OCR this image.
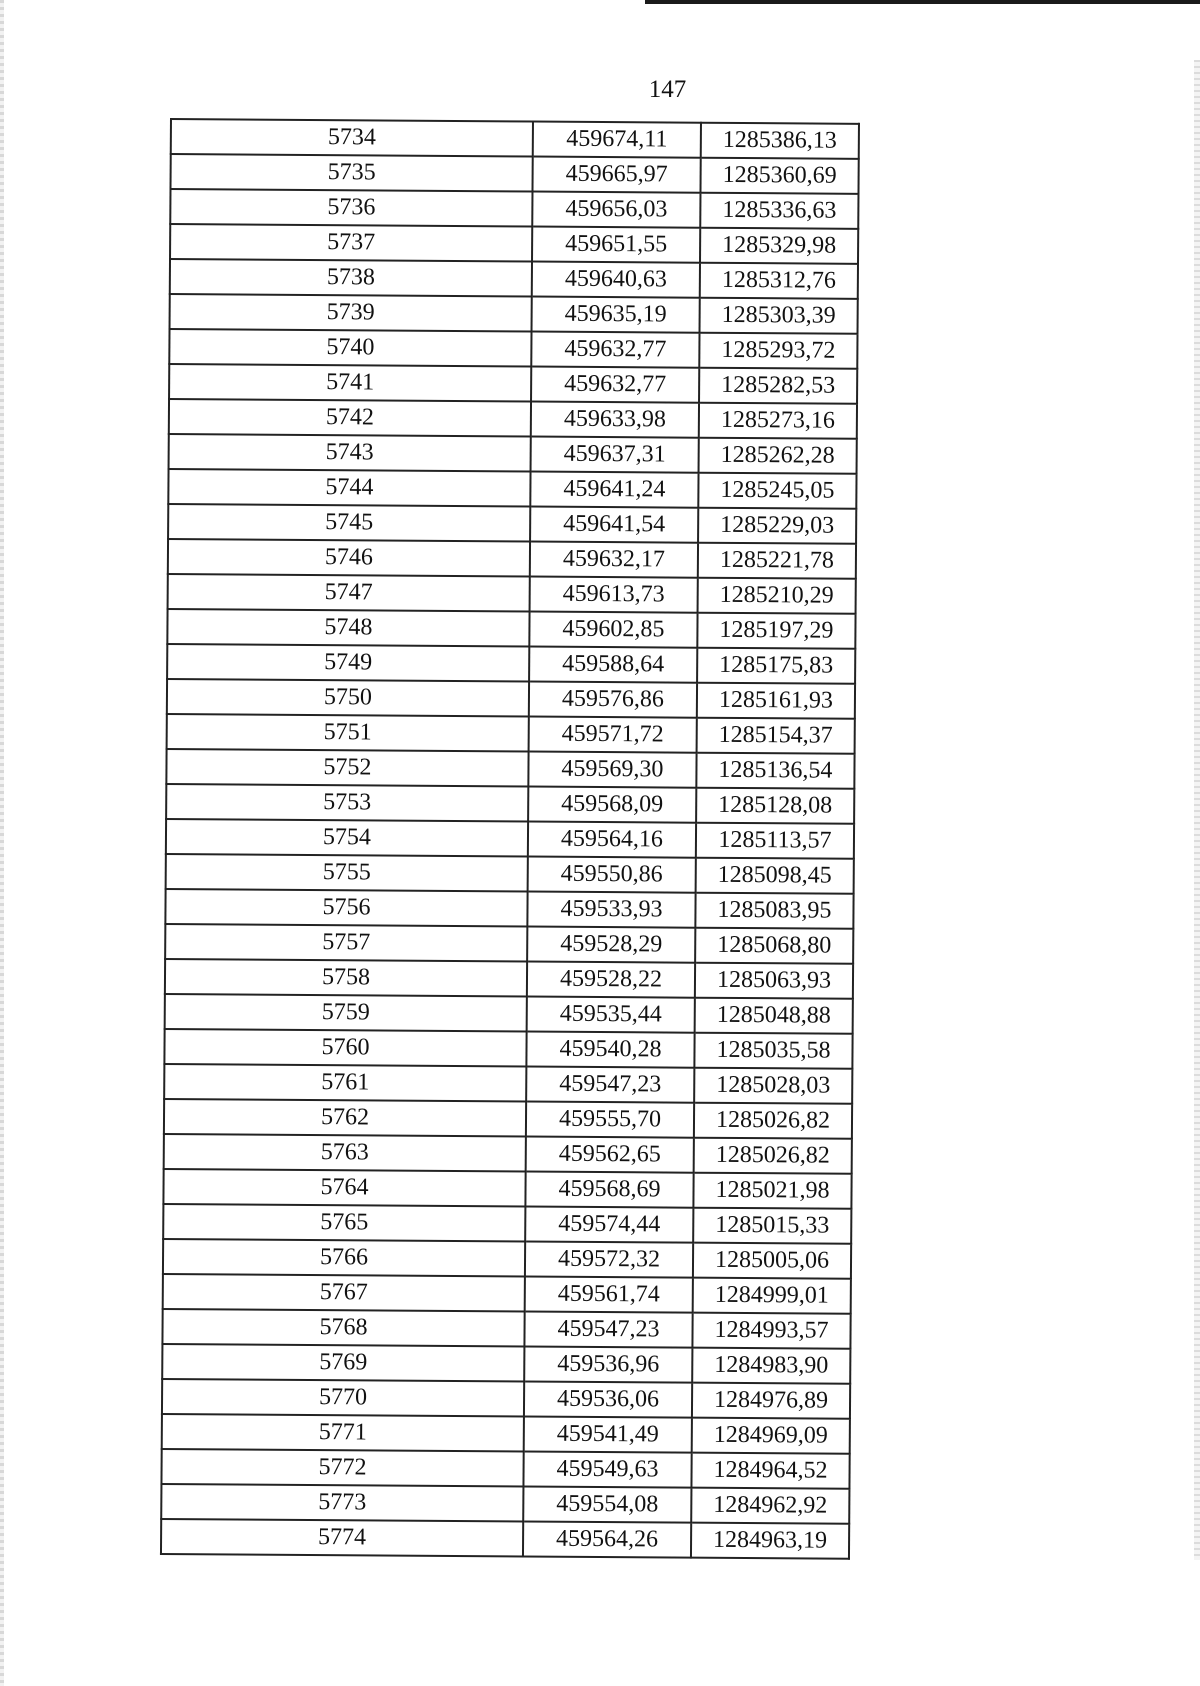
147
5734	459674,11	1285386,13
5735	459665,97	1285360,69
5736	459656,03	1285336,63
5737	459651,55	1285329,98
5738	459640,63	1285312,76
5739	459635,19	1285303,39
5740	459632,77	1285293,72
5741	459632,77	1285282,53
5742	459633,98	1285273,16
5743	459637,31	1285262,28
5744	459641,24	1285245,05
5745	459641,54	1285229,03
5746	459632,17	1285221,78
5747	459613,73	1285210,29
5748	459602,85	1285197,29
5749	459588,64	1285175,83
5750	459576,86	1285161,93
5751	459571,72	1285154,37
5752	459569,30	1285136,54
5753	459568,09	1285128,08
5754	459564,16	1285113,57
5755	459550,86	1285098,45
5756	459533,93	1285083,95
5757	459528,29	1285068,80
5758	459528,22	1285063,93
5759	459535,44	1285048,88
5760	459540,28	1285035,58
5761	459547,23	1285028,03
5762	459555,70	1285026,82
5763	459562,65	1285026,82
5764	459568,69	1285021,98
5765	459574,44	1285015,33
5766	459572,32	1285005,06
5767	459561,74	1284999,01
5768	459547,23	1284993,57
5769	459536,96	1284983,90
5770	459536,06	1284976,89
5771	459541,49	1284969,09
5772	459549,63	1284964,52
5773	459554,08	1284962,92
5774	459564,26	1284963,19
